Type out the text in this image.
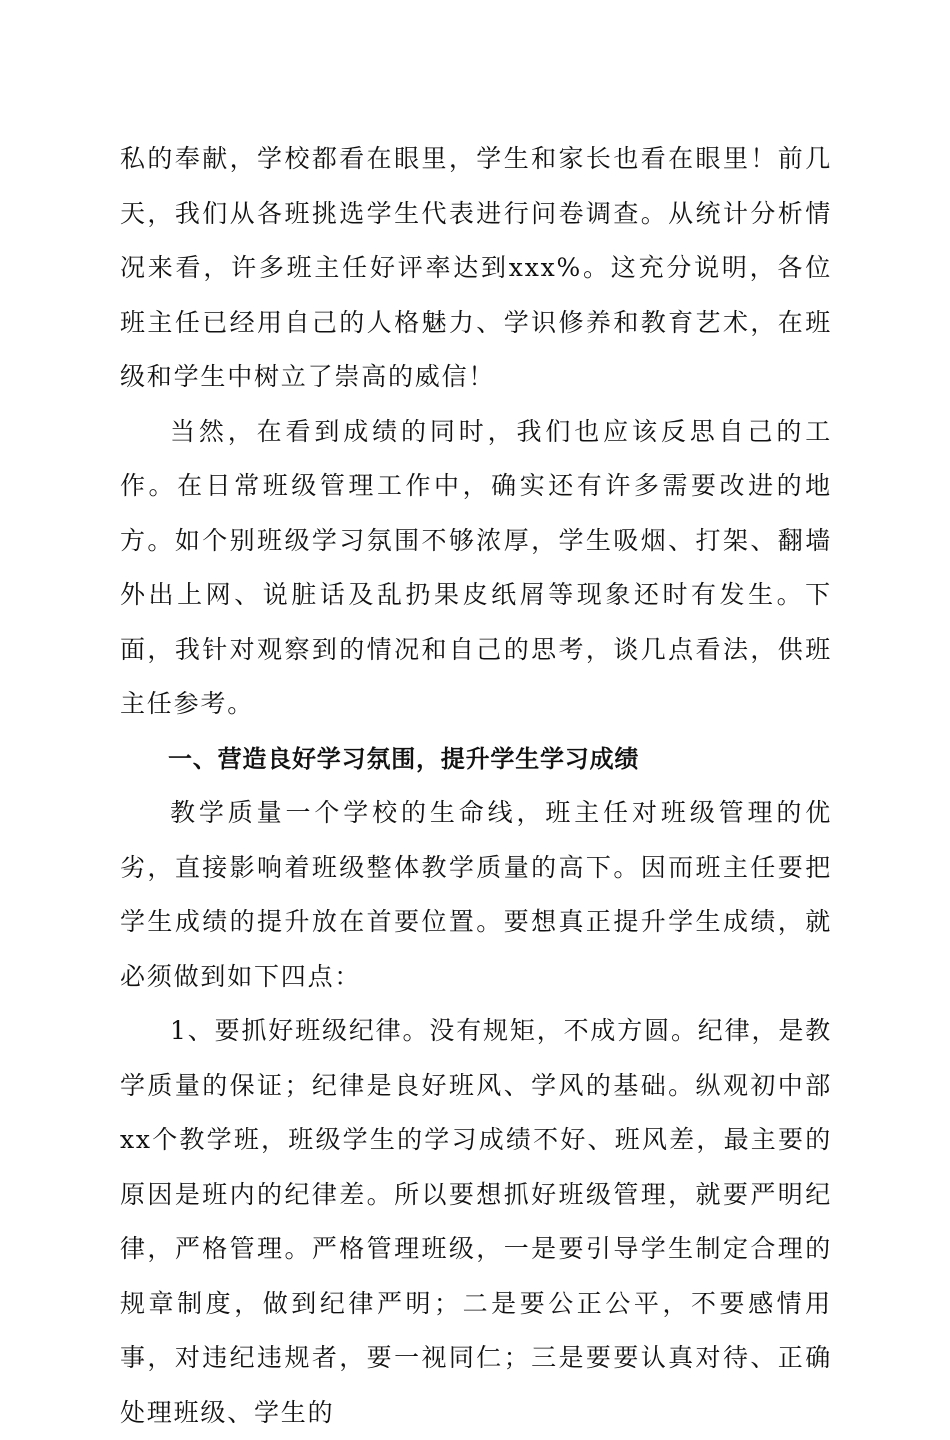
私的奉献，学校都看在眼里，学生和家长也看在眼里！前几天，我们从各班挑选学生代表进行问卷调查。从统计分析情况来看，许多班主任好评率达到xxx%。这充分说明，各位班主任已经用自己的人格魅力、学识修养和教育艺术，在班级和学生中树立了崇高的威信！

当然，在看到成绩的同时，我们也应该反思自己的工作。在日常班级管理工作中，确实还有许多需要改进的地方。如个别班级学习氛围不够浓厚，学生吸烟、打架、翻墙外出上网、说脏话及乱扔果皮纸屑等现象还时有发生。下面，我针对观察到的情况和自己的思考，谈几点看法，供班主任参考。

一、营造良好学习氛围，提升学生学习成绩

教学质量一个学校的生命线，班主任对班级管理的优劣，直接影响着班级整体教学质量的高下。因而班主任要把学生成绩的提升放在首要位置。要想真正提升学生成绩，就必须做到如下四点：

1、要抓好班级纪律。没有规矩，不成方圆。纪律，是教学质量的保证；纪律是良好班风、学风的基础。纵观初中部xx个教学班，班级学生的学习成绩不好、班风差，最主要的原因是班内的纪律差。所以要想抓好班级管理，就要严明纪律，严格管理。严格管理班级，一是要引导学生制定合理的规章制度，做到纪律严明；二是要公正公平，不要感情用事，对违纪违规者，要一视同仁；三是要要认真对待、正确处理班级、学生的
